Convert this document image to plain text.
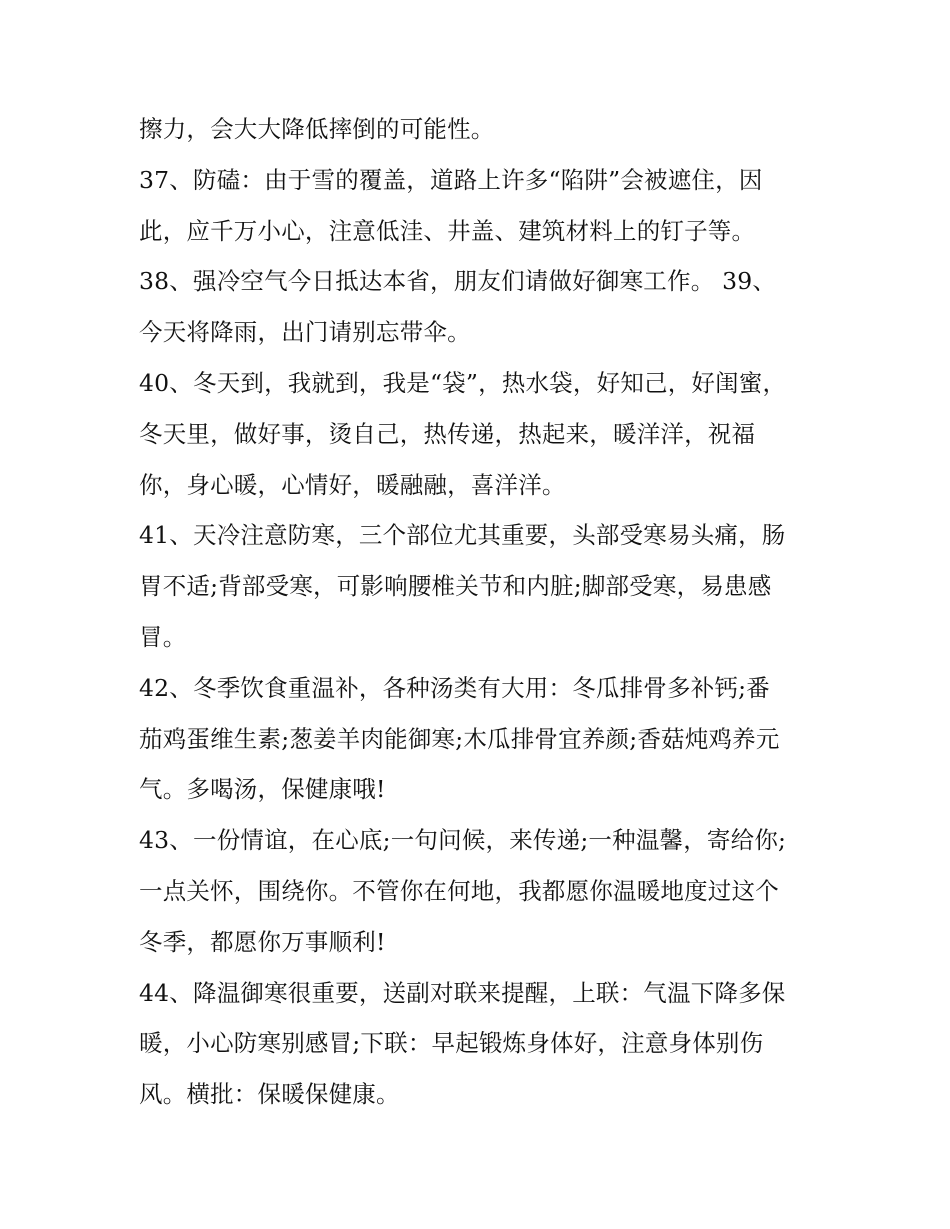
擦力，会大大降低摔倒的可能性。
37、防磕：由于雪的覆盖，道路上许多“陷阱”会被遮住，因
此，应千万小心，注意低洼、井盖、建筑材料上的钉子等。
38、强冷空气今日抵达本省，朋友们请做好御寒工作。 39、
今天将降雨，出门请别忘带伞。
40、冬天到，我就到，我是“袋”，热水袋，好知己，好闺蜜，
冬天里，做好事，烫自己，热传递，热起来，暖洋洋，祝福
你，身心暖，心情好，暖融融，喜洋洋。
41、天冷注意防寒，三个部位尤其重要，头部受寒易头痛，肠
胃不适;背部受寒，可影响腰椎关节和内脏;脚部受寒，易患感
冒。
42、冬季饮食重温补，各种汤类有大用：冬瓜排骨多补钙;番
茄鸡蛋维生素;葱姜羊肉能御寒;木瓜排骨宜养颜;香菇炖鸡养元
气。多喝汤，保健康哦!
43、一份情谊，在心底;一句问候，来传递;一种温馨，寄给你;
一点关怀，围绕你。不管你在何地，我都愿你温暖地度过这个
冬季，都愿你万事顺利!
44、降温御寒很重要，送副对联来提醒，上联：气温下降多保
暖，小心防寒别感冒;下联：早起锻炼身体好，注意身体别伤
风。横批：保暖保健康。
